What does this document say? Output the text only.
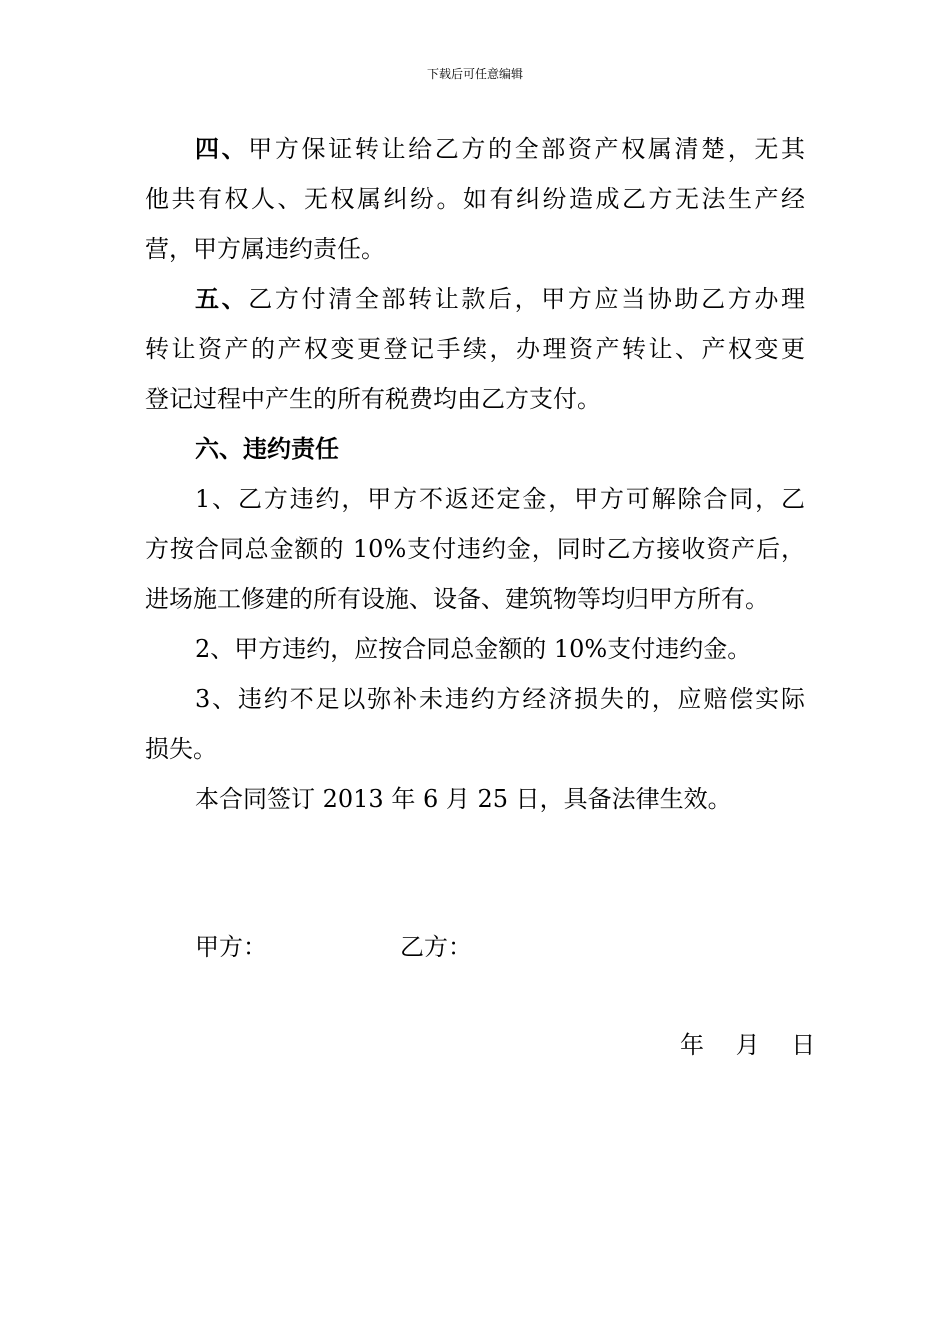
下载后可任意编辑
四、甲方保证转让给乙方的全部资产权属清楚，无其
他共有权人、无权属纠纷。如有纠纷造成乙方无法生产经
营，甲方属违约责任。
五、乙方付清全部转让款后，甲方应当协助乙方办理
转让资产的产权变更登记手续，办理资产转让、产权变更
登记过程中产生的所有税费均由乙方支付。
六、违约责任
1、乙方违约，甲方不返还定金，甲方可解除合同，乙
方按合同总金额的 10%支付违约金，同时乙方接收资产后，
进场施工修建的所有设施、设备、建筑物等均归甲方所有。
2、甲方违约，应按合同总金额的 10%支付违约金。
3、违约不足以弥补未违约方经济损失的，应赔偿实际
损失。
本合同签订 2013 年 6 月 25 日，具备法律生效。
甲方：	乙方：
年 月 日
